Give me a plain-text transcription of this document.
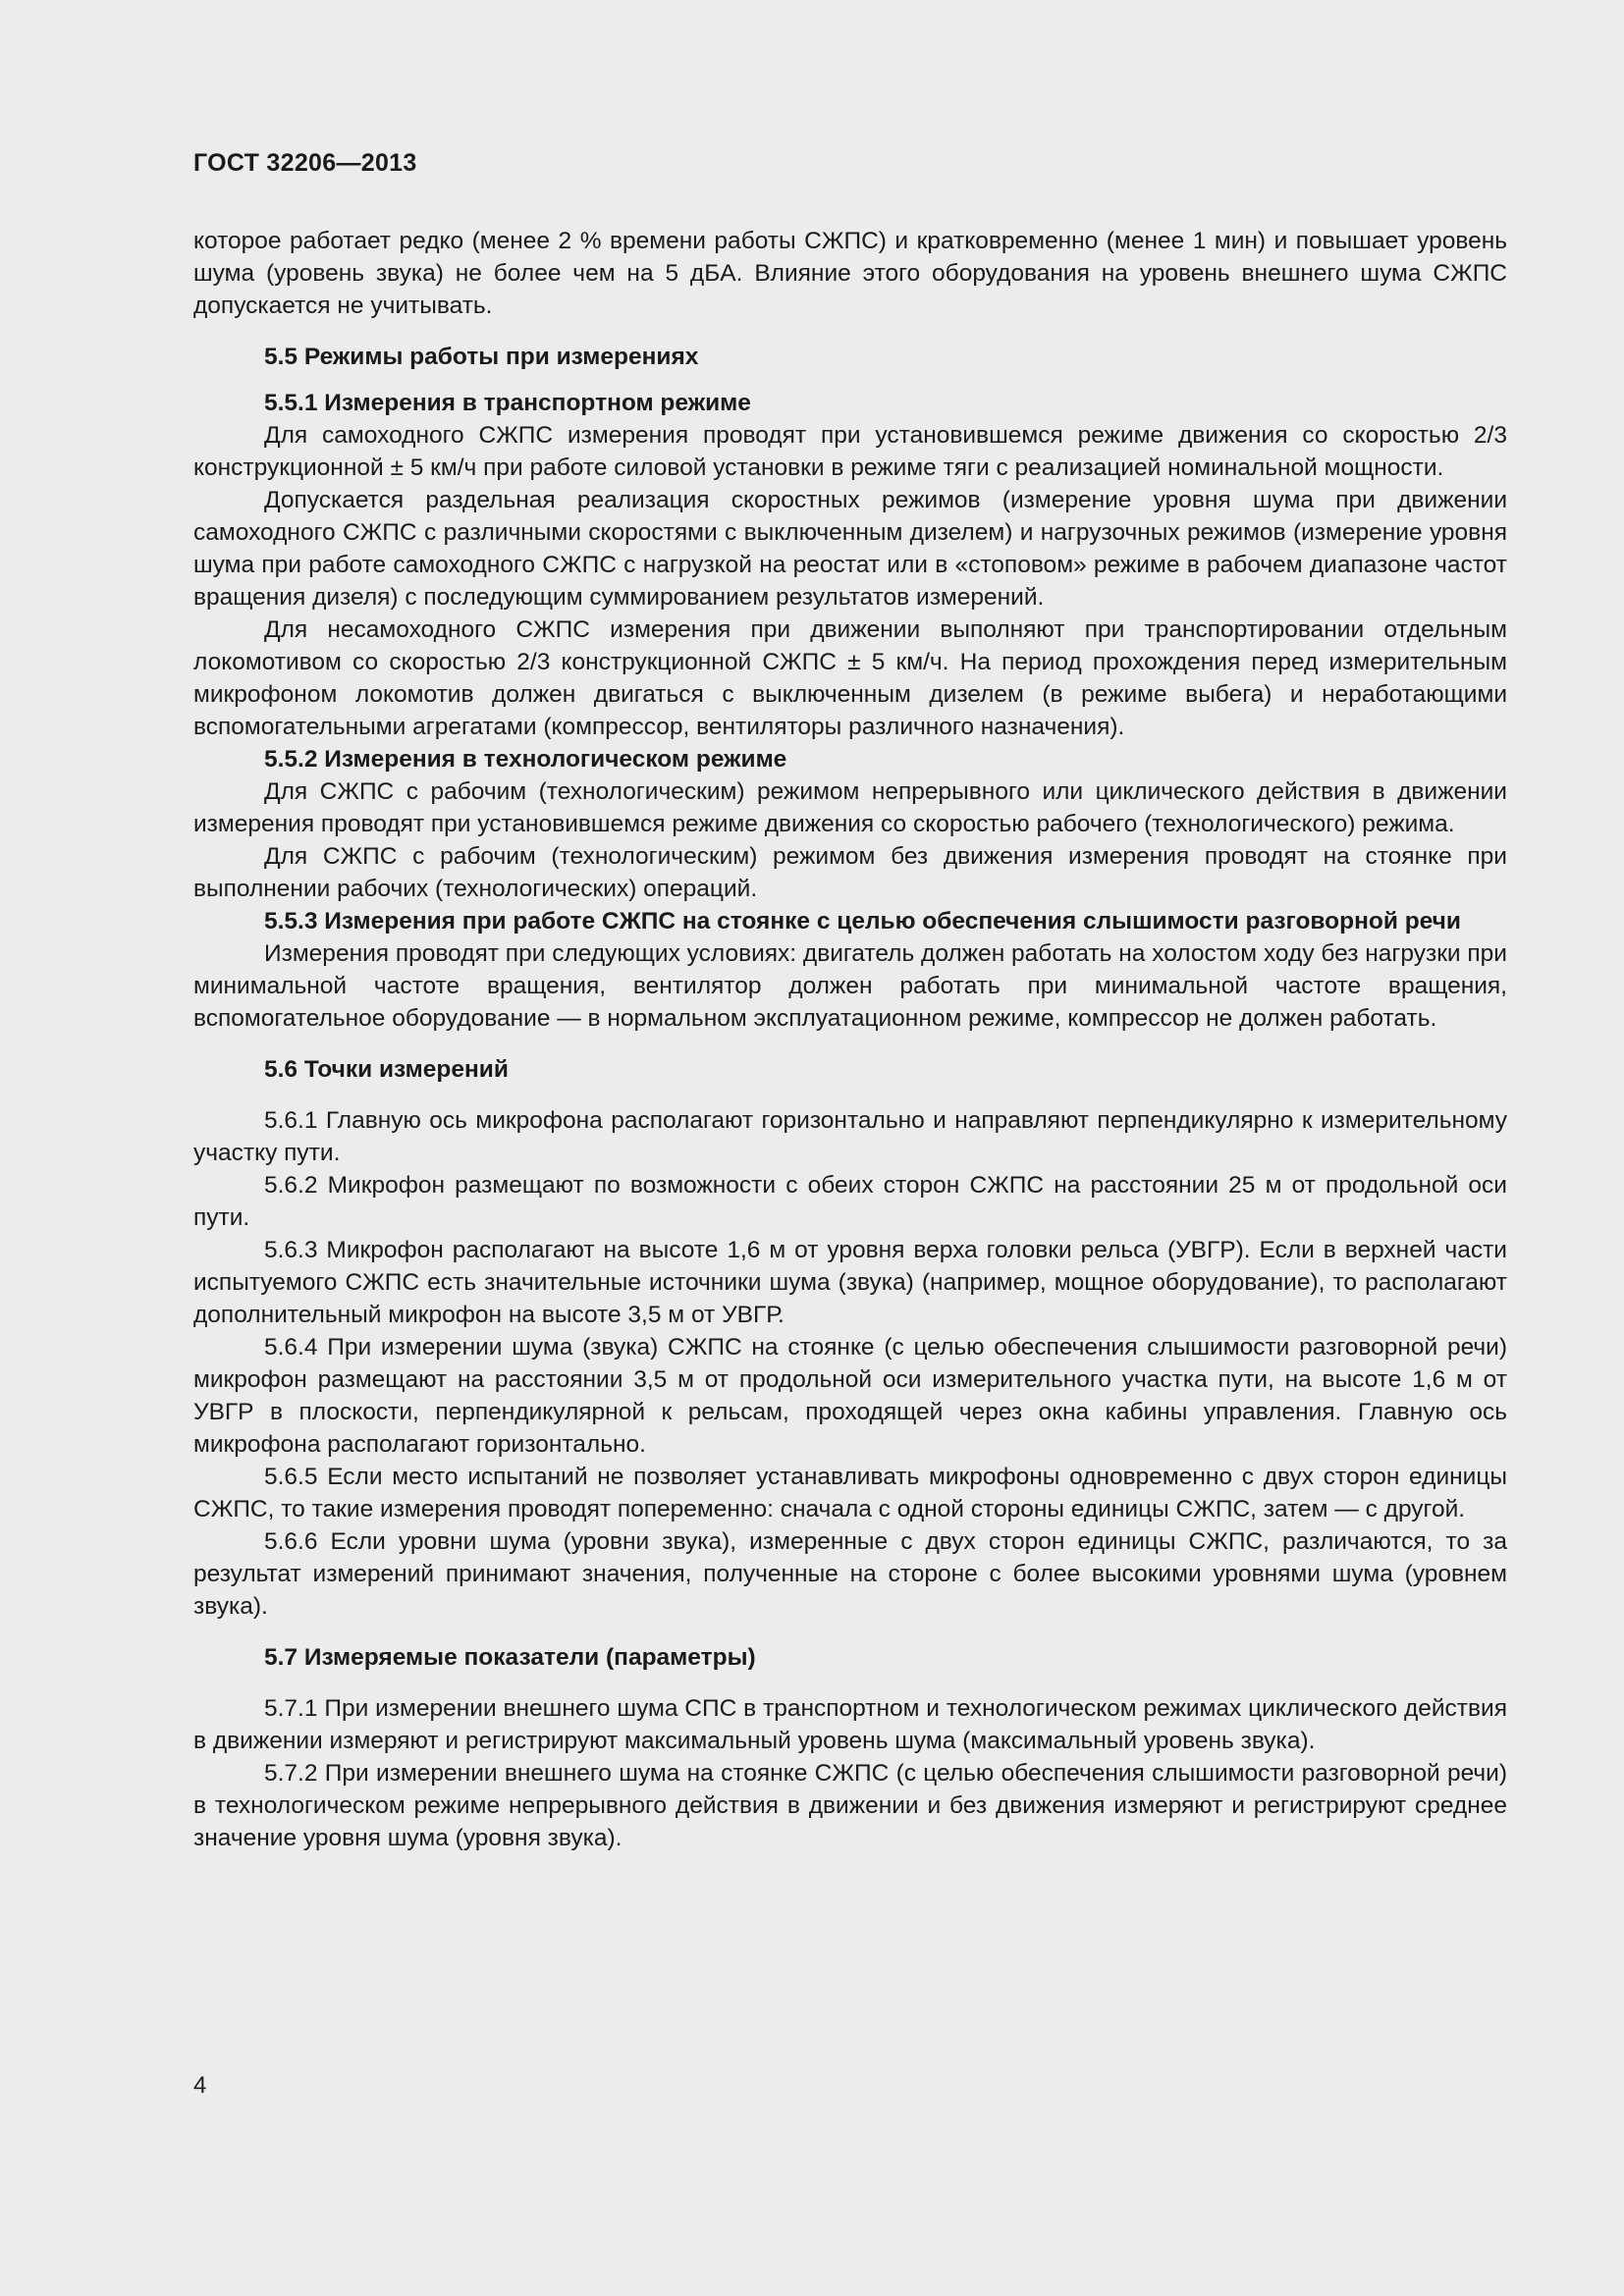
ГОСТ 32206—2013

которое работает редко (менее 2 % времени работы СЖПС) и кратковременно (менее 1 мин) и повышает уровень шума (уровень звука) не более чем на 5 дБA. Влияние этого оборудования на уровень внешнего шума СЖПС допускается не учитывать.

5.5 Режимы работы при измерениях

5.5.1 Измерения в транспортном режиме

Для самоходного СЖПС измерения проводят при установившемся режиме движения со скоростью 2/3 конструкционной ± 5 км/ч при работе силовой установки в режиме тяги с реализацией номинальной мощности.

Допускается раздельная реализация скоростных режимов (измерение уровня шума при движении самоходного СЖПС с различными скоростями с выключенным дизелем) и нагрузочных режимов (измерение уровня шума при работе самоходного СЖПС с нагрузкой на реостат или в «стоповом» режиме в рабочем диапазоне частот вращения дизеля) с последующим суммированием результатов измерений.

Для несамоходного СЖПС измерения при движении выполняют при транспортировании отдельным локомотивом со скоростью 2/3 конструкционной СЖПС ± 5 км/ч. На период прохождения перед измерительным микрофоном локомотив должен двигаться с выключенным дизелем (в режиме выбега) и неработающими вспомогательными агрегатами (компрессор, вентиляторы различного назначения).

5.5.2 Измерения в технологическом режиме

Для СЖПС с рабочим (технологическим) режимом непрерывного или циклического действия в движении измерения проводят при установившемся режиме движения со скоростью рабочего (технологического) режима.

Для СЖПС с рабочим (технологическим) режимом без движения измерения проводят на стоянке при выполнении рабочих (технологических) операций.

5.5.3 Измерения при работе СЖПС на стоянке с целью обеспечения слышимости разговорной речи

Измерения проводят при следующих условиях: двигатель должен работать на холостом ходу без нагрузки при минимальной частоте вращения, вентилятор должен работать при минимальной частоте вращения, вспомогательное оборудование — в нормальном эксплуатационном режиме, компрессор не должен работать.

5.6 Точки измерений

5.6.1 Главную ось микрофона располагают горизонтально и направляют перпендикулярно к измерительному участку пути.

5.6.2 Микрофон размещают по возможности с обеих сторон СЖПС на расстоянии 25 м от продольной оси пути.

5.6.3 Микрофон располагают на высоте 1,6 м от уровня верха головки рельса (УВГР). Если в верхней части испытуемого СЖПС есть значительные источники шума (звука) (например, мощное оборудование), то располагают дополнительный микрофон на высоте 3,5 м от УВГР.

5.6.4 При измерении шума (звука) СЖПС на стоянке (с целью обеспечения слышимости разговорной речи) микрофон размещают на расстоянии 3,5 м от продольной оси измерительного участка пути, на высоте 1,6 м от УВГР в плоскости, перпендикулярной к рельсам, проходящей через окна кабины управления. Главную ось микрофона располагают горизонтально.

5.6.5 Если место испытаний не позволяет устанавливать микрофоны одновременно с двух сторон единицы СЖПС, то такие измерения проводят попеременно: сначала с одной стороны единицы СЖПС, затем — с другой.

5.6.6 Если уровни шума (уровни звука), измеренные с двух сторон единицы СЖПС, различаются, то за результат измерений принимают значения, полученные на стороне с более высокими уровнями шума (уровнем звука).

5.7 Измеряемые показатели (параметры)

5.7.1 При измерении внешнего шума СПС в транспортном и технологическом режимах циклического действия в движении измеряют и регистрируют максимальный уровень шума (максимальный уровень звука).

5.7.2 При измерении внешнего шума на стоянке СЖПС (с целью обеспечения слышимости разговорной речи) в технологическом режиме непрерывного действия в движении и без движения измеряют и регистрируют среднее значение уровня шума (уровня звука).

4
